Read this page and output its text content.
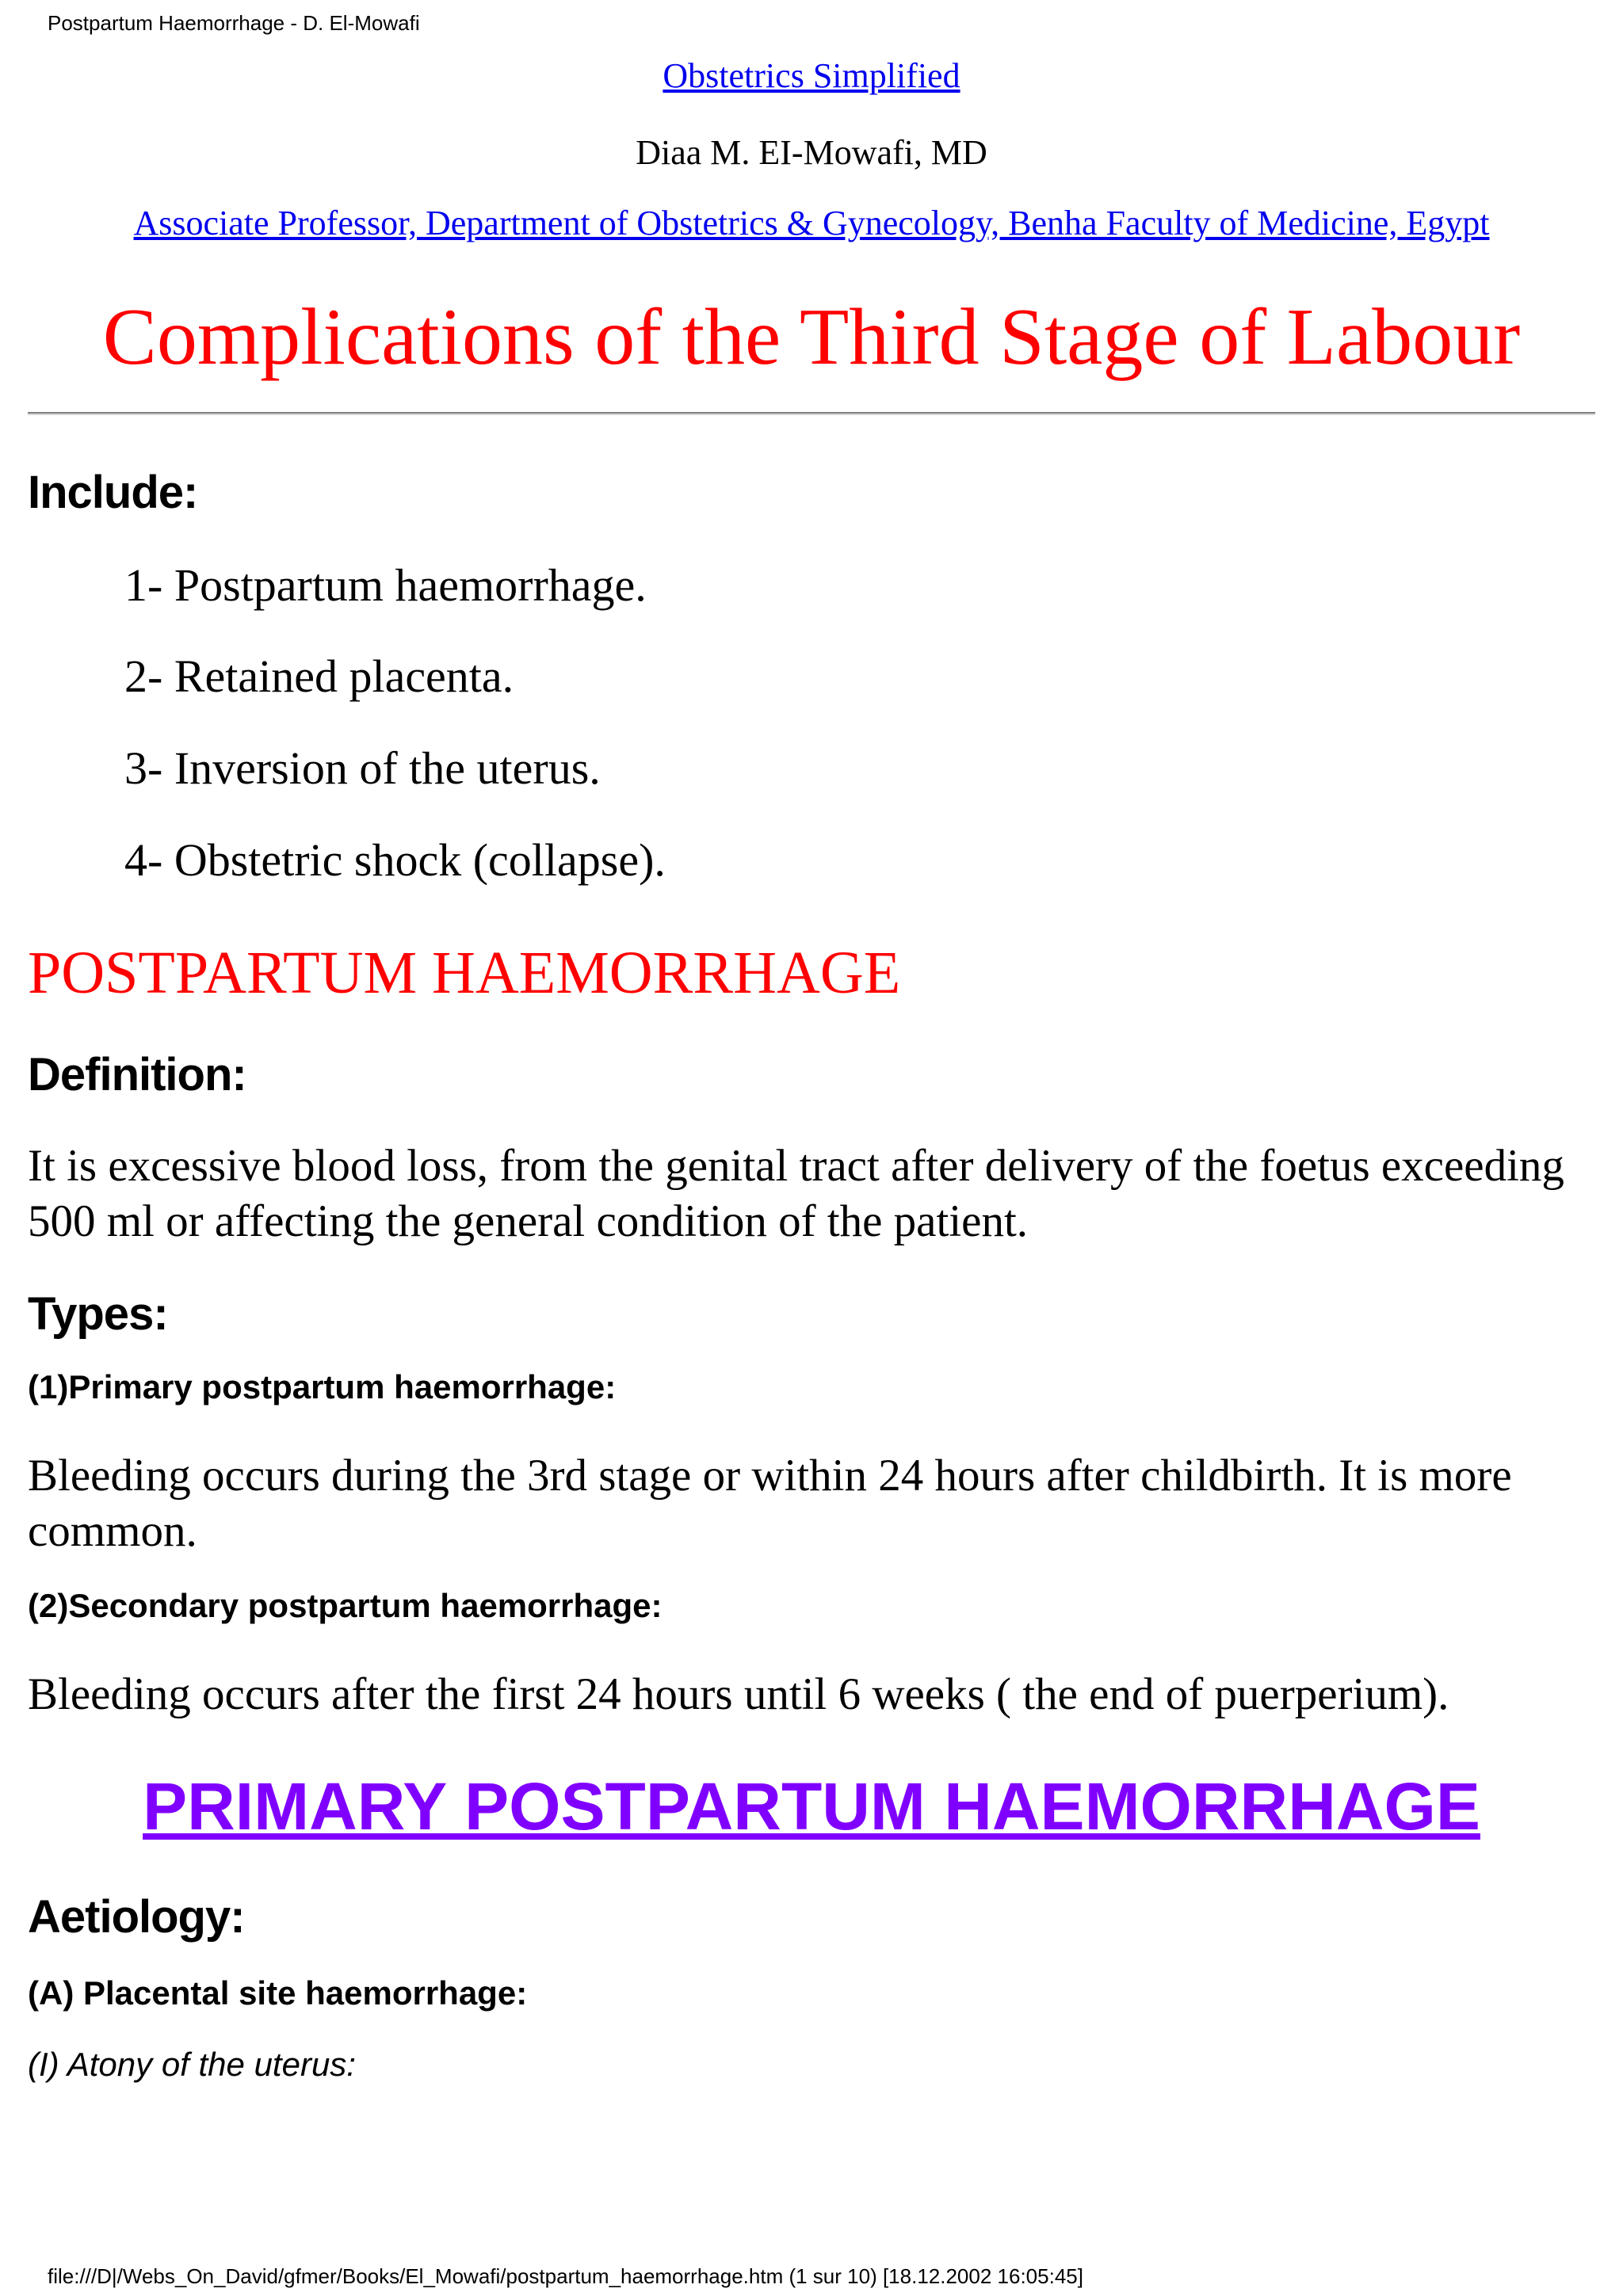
Postpartum Haemorrhage - D. El-Mowafi
Obstetrics Simplified
Diaa M. EI-Mowafi, MD
Associate Professor, Department of Obstetrics & Gynecology, Benha Faculty of Medicine, Egypt
Complications of the Third Stage of Labour
Include:

1- Postpartum haemorrhage.

2- Retained placenta.

3- Inversion of the uterus.

4- Obstetric shock (collapse).

POSTPARTUM HAEMORRHAGE
Definition:

It is excessive blood loss, from the genital tract after delivery of the foetus exceeding 500 ml or affecting the general condition of the patient.

Types:
(1)Primary postpartum haemorrhage:

Bleeding occurs during the 3rd stage or within 24 hours after childbirth. It is more common.

(2)Secondary postpartum haemorrhage:

Bleeding occurs after the first 24 hours until 6 weeks ( the end of puerperium).

PRIMARY POSTPARTUM HAEMORRHAGE
Aetiology:
(A) Placental site haemorrhage:

(I) Atony of the uterus:

file:///D|/Webs_On_David/gfmer/Books/El_Mowafi/postpartum_haemorrhage.htm (1 sur 10) [18.12.2002 16:05:45]
